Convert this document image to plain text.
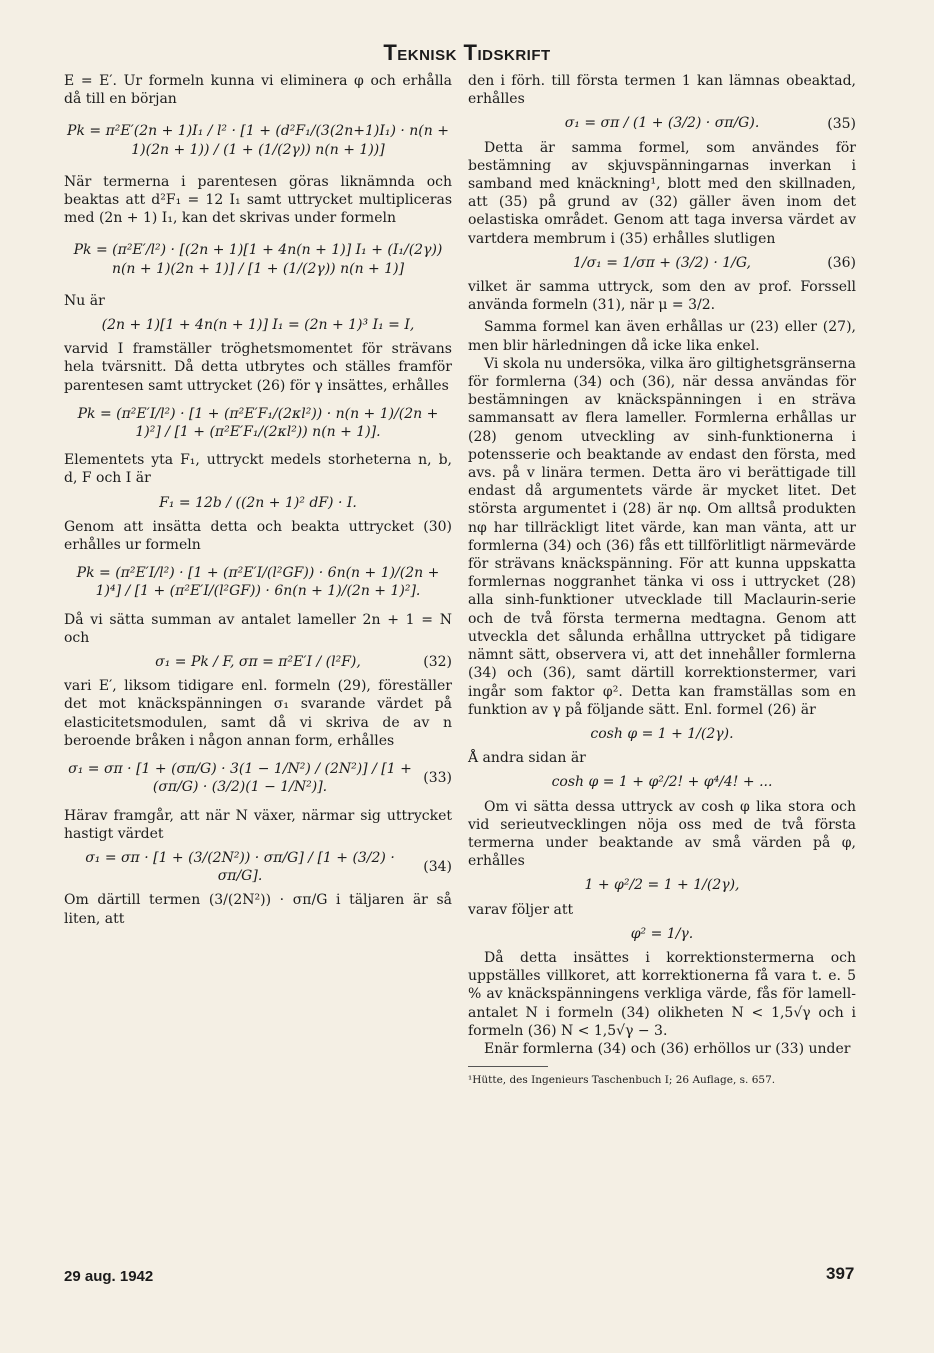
Teknisk Tidskrift

E = E′. Ur formeln kunna vi eliminera φ och erhålla då till en början

Pk = π²E′(2n + 1)I₁ / l² · [1 + (d²F₁/(3(2n+1)I₁) · n(n + 1)(2n + 1)) / (1 + (1/(2γ)) n(n + 1))]

När termerna i parentesen göras liknämnda och beaktas att d²F₁ = 12 I₁ samt uttrycket multipliceras med (2n + 1) I₁, kan det skrivas under formeln

Pk = (π²E′/l²) · [(2n + 1)[1 + 4n(n + 1)] I₁ + (I₁/(2γ)) n(n + 1)(2n + 1)] / [1 + (1/(2γ)) n(n + 1)]

Nu är

(2n + 1)[1 + 4n(n + 1)] I₁ = (2n + 1)³ I₁ = I,

varvid I framställer tröghetsmomentet för strävans hela tvärsnitt. Då detta utbrytes och ställes framför parentesen samt uttrycket (26) för γ insättes, erhålles

Pk = (π²E′I/l²) · [1 + (π²E′F₁/(2κl²)) · n(n + 1)/(2n + 1)²] / [1 + (π²E′F₁/(2κl²)) n(n + 1)].

Elementets yta F₁, uttryckt medels storheterna n, b, d, F och I är

F₁ = 12b / ((2n + 1)² dF) · I.

Genom att insätta detta och beakta uttrycket (30) erhålles ur formeln

Pk = (π²E′I/l²) · [1 + (π²E′I/(l²GF)) · 6n(n + 1)/(2n + 1)⁴] / [1 + (π²E′I/(l²GF)) · 6n(n + 1)/(2n + 1)²].

Då vi sätta summan av antalet lameller 2n + 1 = N och

σ₁ = Pk / F, σπ = π²E′I / (l²F),	(32)

vari E′, liksom tidigare enl. formeln (29), föreställer det mot knäckspänningen σ₁ svarande värdet på elasticitetsmodulen, samt då vi skriva de av n beroende bråken i någon annan form, erhålles

σ₁ = σπ · [1 + (σπ/G) · 3(1 − 1/N²) / (2N²)] / [1 + (σπ/G) · (3/2)(1 − 1/N²)].
(33)

Härav framgår, att när N växer, närmar sig uttrycket hastigt värdet

σ₁ = σπ · [1 + (3/(2N²)) · σπ/G] / [1 + (3/2) · σπ/G].
(34)

Om därtill termen (3/(2N²)) · σπ/G i täljaren är så liten, att

den i förh. till första termen 1 kan lämnas obeaktad, erhålles

σ₁ = σπ / (1 + (3/2) · σπ/G).	(35)

Detta är samma formel, som användes för bestämning av skjuvspänningarnas inverkan i samband med knäckning¹, blott med den skillnaden, att (35) på grund av (32) gäller även inom det oelastiska området. Genom att taga inversa värdet av vartdera membrum i (35) erhålles slutligen

1/σ₁ = 1/σπ + (3/2) · 1/G,	(36)

vilket är samma uttryck, som den av prof. Forssell använda formeln (31), när μ = 3/2.

Samma formel kan även erhållas ur (23) eller (27), men blir härledningen då icke lika enkel.

Vi skola nu undersöka, vilka äro giltighetsgränserna för formlerna (34) och (36), när dessa användas för bestämningen av knäckspänningen i en sträva sammansatt av flera lameller. Formlerna erhållas ur (28) genom utveckling av sinh-funktionerna i potensserie och beaktande av endast den första, med avs. på v linära termen. Detta äro vi berättigade till endast då argumentets värde är mycket litet. Det största argumentet i (28) är nφ. Om alltså produkten nφ har tillräckligt litet värde, kan man vänta, att ur formlerna (34) och (36) fås ett tillförlitligt närmevärde för strävans knäckspänning. För att kunna uppskatta formlernas noggranhet tänka vi oss i uttrycket (28) alla sinh-funktioner utvecklade till Maclaurin-serie och de två första termerna medtagna. Genom att utveckla det sålunda erhållna uttrycket på tidigare nämnt sätt, observera vi, att det innehåller formlerna (34) och (36), samt därtill korrektionstermer, vari ingår som faktor φ². Detta kan framställas som en funktion av γ på följande sätt. Enl. formel (26) är

cosh φ = 1 + 1/(2γ).

Å andra sidan är

cosh φ = 1 + φ²/2! + φ⁴/4! + ...

Om vi sätta dessa uttryck av cosh φ lika stora och vid serieutvecklingen nöja oss med de två första termerna under beaktande av små värden på φ, erhålles

1 + φ²/2 = 1 + 1/(2γ),

varav följer att

φ² = 1/γ.

Då detta insättes i korrektionstermerna och uppställes villkoret, att korrektionerna få vara t. e. 5 % av knäckspänningens verkliga värde, fås för lamell-antalet N i formeln (34) olikheten N < 1,5√γ och i formeln (36) N < 1,5√γ − 3.

Enär formlerna (34) och (36) erhöllos ur (33) under

¹Hütte, des Ingenieurs Taschenbuch I; 26 Auflage, s. 657.
29 aug. 1942	397
